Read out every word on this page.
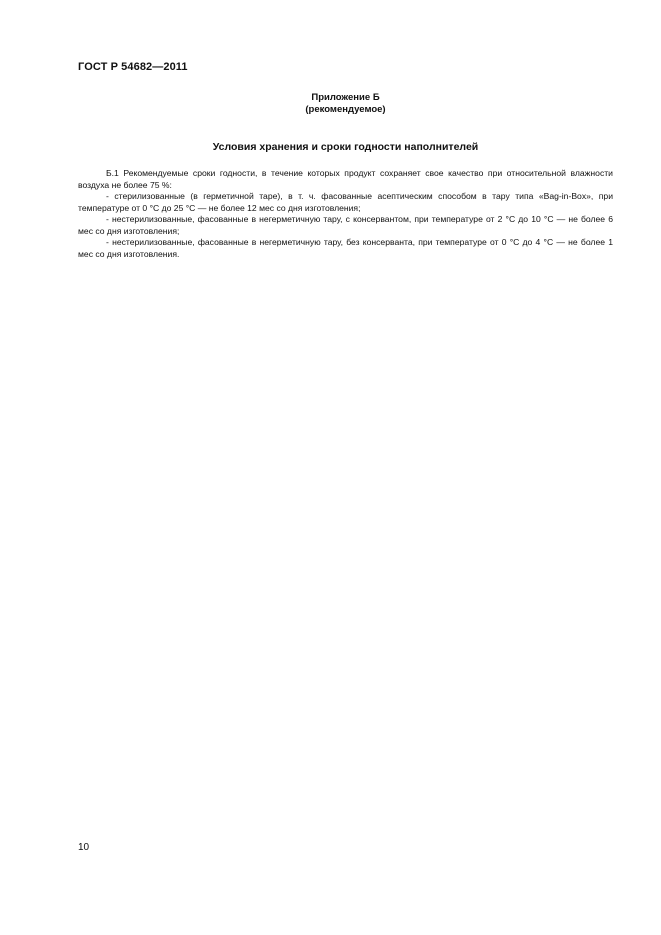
ГОСТ Р 54682—2011
Приложение Б
(рекомендуемое)
Условия хранения и сроки годности наполнителей

Б.1 Рекомендуемые сроки годности, в течение которых продукт сохраняет свое качество при относительной влажности воздуха не более 75 %:

- стерилизованные (в герметичной таре), в т. ч. фасованные асептическим способом в тару типа «Bag-in-Box», при температуре от 0 °С до 25 °С — не более 12 мес со дня изготовления;

- нестерилизованные, фасованные в негерметичную тару, с консервантом, при температуре от 2 °С до 10 °С — не более 6 мес со дня изготовления;

- нестерилизованные, фасованные в негерметичную тару, без консерванта, при температуре от 0 °С до 4 °С — не более 1 мес со дня изготовления.

10
